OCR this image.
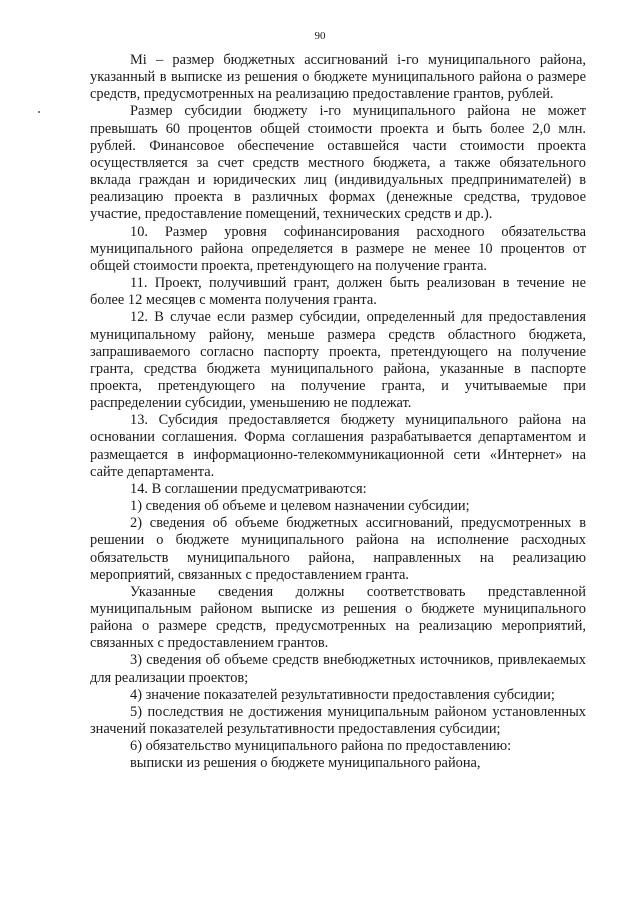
90

Mi – размер бюджетных ассигнований i-го муниципального района, указанный в выписке из решения о бюджете муниципального района о размере средств, предусмотренных на реализацию предоставление грантов, рублей.

Размер субсидии бюджету i-го муниципального района не может превышать 60 процентов общей стоимости проекта и быть более 2,0 млн. рублей. Финансовое обеспечение оставшейся части стоимости проекта осуществляется за счет средств местного бюджета, а также обязательного вклада граждан и юридических лиц (индивидуальных предпринимателей) в реализацию проекта в различных формах (денежные средства, трудовое участие, предоставление помещений, технических средств и др.).

10. Размер уровня софинансирования расходного обязательства муниципального района определяется в размере не менее 10 процентов от общей стоимости проекта, претендующего на получение гранта.

11. Проект, получивший грант, должен быть реализован в течение не более 12 месяцев с момента получения гранта.

12. В случае если размер субсидии, определенный для предоставления муниципальному району, меньше размера средств областного бюджета, запрашиваемого согласно паспорту проекта, претендующего на получение гранта, средства бюджета муниципального района, указанные в паспорте проекта, претендующего на получение гранта, и учитываемые при распределении субсидии, уменьшению не подлежат.

13. Субсидия предоставляется бюджету муниципального района на основании соглашения. Форма соглашения разрабатывается департаментом и размещается в информационно-телекоммуникационной сети «Интернет» на сайте департамента.

14. В соглашении предусматриваются:

1) сведения об объеме и целевом назначении субсидии;

2) сведения об объеме бюджетных ассигнований, предусмотренных в решении о бюджете муниципального района на исполнение расходных обязательств муниципального района, направленных на реализацию мероприятий, связанных с предоставлением гранта.

Указанные сведения должны соответствовать представленной муниципальным районом выписке из решения о бюджете муниципального района о размере средств, предусмотренных на реализацию мероприятий, связанных с предоставлением грантов.

3) сведения об объеме средств внебюджетных источников, привлекаемых для реализации проектов;

4) значение показателей результативности предоставления субсидии;

5) последствия не достижения муниципальным районом установленных значений показателей результативности предоставления субсидии;

6) обязательство муниципального района по предоставлению:

выписки из решения о бюджете муниципального района,
